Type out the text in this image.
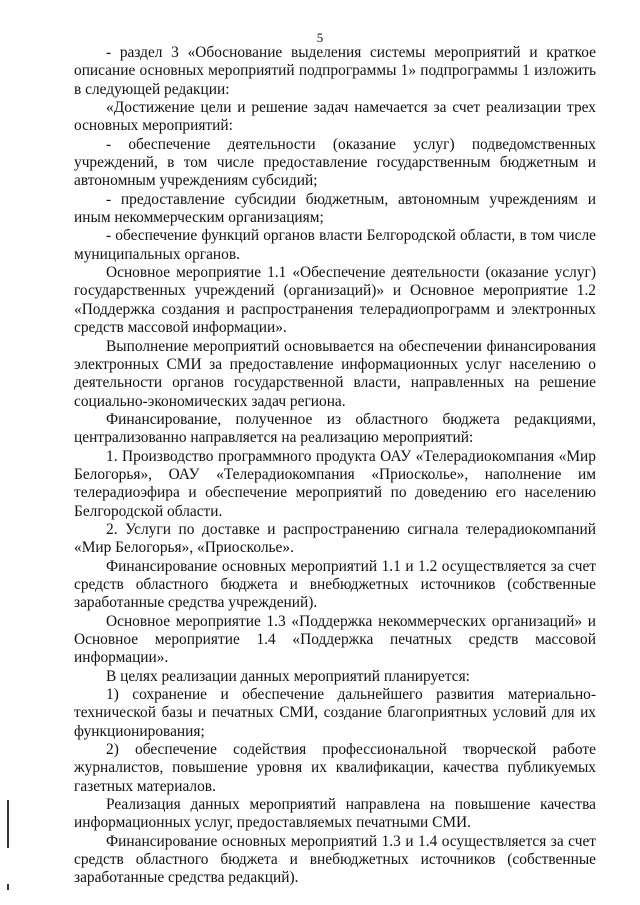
5

- раздел 3 «Обоснование выделения системы мероприятий и краткое описание основных мероприятий подпрограммы 1» подпрограммы 1 изложить в следующей редакции:

«Достижение цели и решение задач намечается за счет реализации трех основных мероприятий:

- обеспечение деятельности (оказание услуг) подведомственных учреждений, в том числе предоставление государственным бюджетным и автономным учреждениям субсидий;

- предоставление субсидии бюджетным, автономным учреждениям и иным некоммерческим организациям;

- обеспечение функций органов власти Белгородской области, в том числе муниципальных органов.

Основное мероприятие 1.1 «Обеспечение деятельности (оказание услуг) государственных учреждений (организаций)» и Основное мероприятие 1.2 «Поддержка создания и распространения телерадиопрограмм и электронных средств массовой информации».

Выполнение мероприятий основывается на обеспечении финансирования электронных СМИ за предоставление информационных услуг населению о деятельности органов государственной власти, направленных на решение социально-экономических задач региона.

Финансирование, полученное из областного бюджета редакциями, централизованно направляется на реализацию мероприятий:

1. Производство программного продукта ОАУ «Телерадиокомпания «Мир Белогорья», ОАУ «Телерадиокомпания «Приосколье», наполнение им телерадиоэфира и обеспечение мероприятий по доведению его населению Белгородской области.

2. Услуги по доставке и распространению сигнала телерадиокомпаний «Мир Белогорья», «Приосколье».

Финансирование основных мероприятий 1.1 и 1.2 осуществляется за счет средств областного бюджета и внебюджетных источников (собственные заработанные средства учреждений).

Основное мероприятие 1.3 «Поддержка некоммерческих организаций» и Основное мероприятие 1.4 «Поддержка печатных средств массовой информации».

В целях реализации данных мероприятий планируется:

1) сохранение и обеспечение дальнейшего развития материально-технической базы и печатных СМИ, создание благоприятных условий для их функционирования;

2) обеспечение содействия профессиональной творческой работе журналистов, повышение уровня их квалификации, качества публикуемых газетных материалов.

Реализация данных мероприятий направлена на повышение качества информационных услуг, предоставляемых печатными СМИ.

Финансирование основных мероприятий 1.3 и 1.4 осуществляется за счет средств областного бюджета и внебюджетных источников (собственные заработанные средства редакций).
